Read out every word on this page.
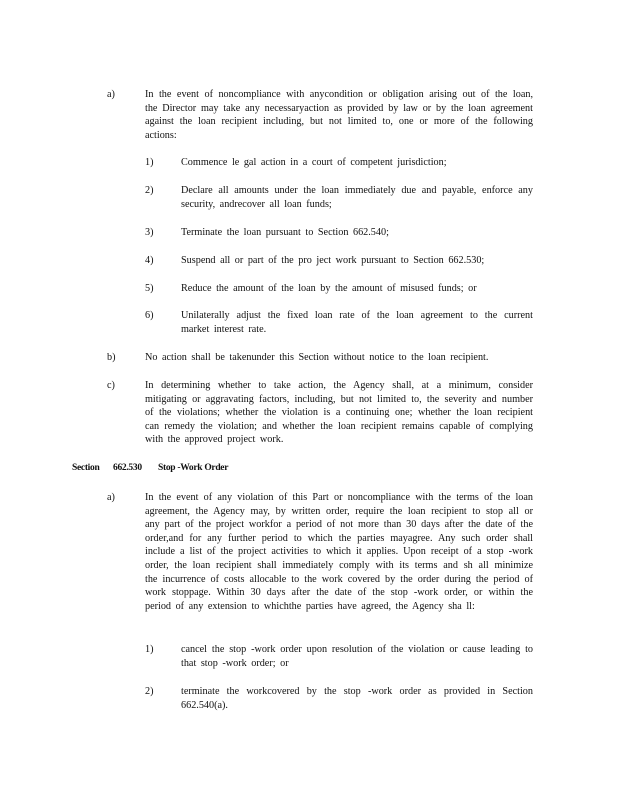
a)	In the event of noncompliance with anycondition or obligation arising out of the loan, the Director may take any necessaryaction as provided by law or by the loan agreement against the loan recipient including, but not limited to, one or more of the following actions:
1)	Commence le gal action in a court of competent jurisdiction;
2)	Declare all amounts under the loan immediately due and payable, enforce any security, andrecover all loan funds;
3)	Terminate the loan pursuant to Section 662.540;
4)	Suspend all or part of the pro ject work pursuant to Section 662.530;
5)	Reduce the amount of the loan by the amount of misused funds; or
6)	Unilaterally adjust the fixed loan rate of the loan agreement to the current market interest rate.
b)	No action shall be takenunder this Section without notice to the loan recipient.
c)	In determining whether to take action, the Agency shall, at a minimum, consider mitigating or aggravating factors, including, but not limited to, the severity and number of the violations; whether the violation is a continuing one; whether the loan recipient can remedy the violation; and whether the loan recipient remains capable of complying with the approved project work.
Section 662.530 Stop -Work Order
a)	In the event of any violation of this Part or noncompliance with the terms of the loan agreement, the Agency may, by written order, require the loan recipient to stop all or any part of the project workfor a period of not more than 30 days after the date of the order,and for any further period to which the parties mayagree. Any such order shall include a list of the project activities to which it applies. Upon receipt of a stop -work order, the loan recipient shall immediately comply with its terms and sh all minimize the incurrence of costs allocable to the work covered by the order during the period of work stoppage. Within 30 days after the date of the stop -work order, or within the period of any extension to whichthe parties have agreed, the Agency sha ll:
1)	cancel the stop -work order upon resolution of the violation or cause leading to that stop -work order; or
2)	terminate the workcovered by the stop -work order as provided in Section 662.540(a).
